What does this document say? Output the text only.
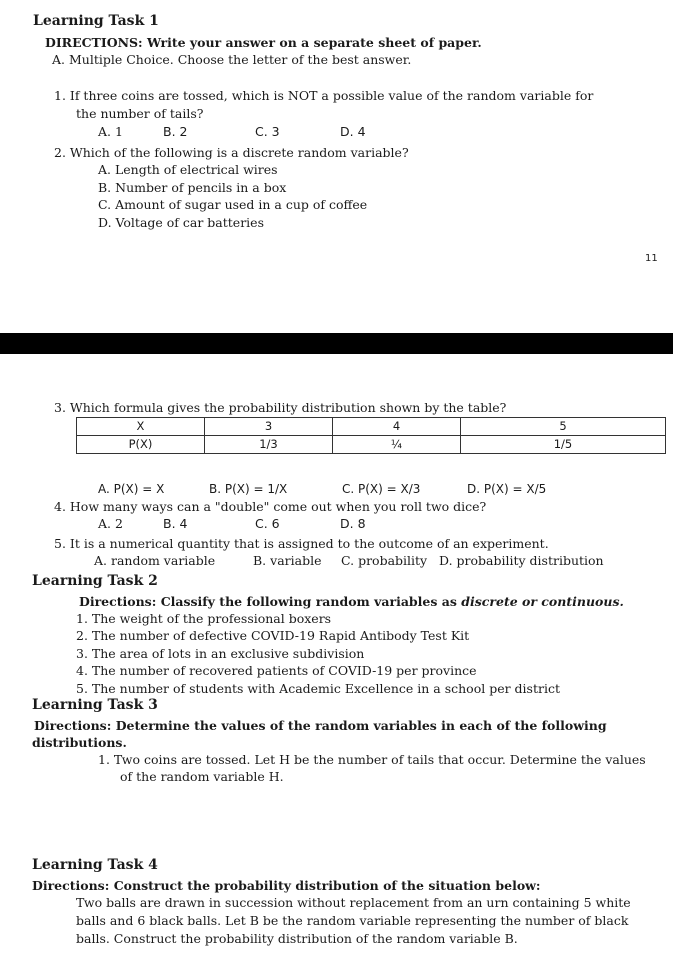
Learning Task 1
DIRECTIONS: Write your answer on a separate sheet of paper.
A. Multiple Choice. Choose the letter of the best answer.
1. If three coins are tossed, which is NOT a possible value of the random variable for
the number of tails?
A. 1	B. 2	C. 3	D. 4
2. Which of the following is a discrete random variable?
A. Length of electrical wires
B. Number of pencils in a box
C. Amount of sugar used in a cup of coffee
D. Voltage of car batteries
11
3. Which formula gives the probability distribution shown by the table?
X	3	4	5
P(X)	1/3	¼	1/5
A. P(X) = X	B. P(X) = 1/X	C. P(X) = X/3	D. P(X) = X/5
4. How many ways can a "double" come out when you roll two dice?
A. 2	B. 4	C. 6	D. 8
5. It is a numerical quantity that is assigned to the outcome of an experiment.
A. random variable	B. variable C. probability D. probability distribution
Learning Task 2
Directions: Classify the following random variables as discrete or continuous.
1. The weight of the professional boxers
2. The number of defective COVID-19 Rapid Antibody Test Kit
3. The area of lots in an exclusive subdivision
4. The number of recovered patients of COVID-19 per province
5. The number of students with Academic Excellence in a school per district
Learning Task 3
Directions: Determine the values of the random variables in each of the following
distributions.
1. Two coins are tossed. Let H be the number of tails that occur. Determine the values
of the random variable H.
Learning Task 4
Directions: Construct the probability distribution of the situation below:
Two balls are drawn in succession without replacement from an urn containing 5 white
balls and 6 black balls. Let B be the random variable representing the number of black
balls. Construct the probability distribution of the random variable B.
